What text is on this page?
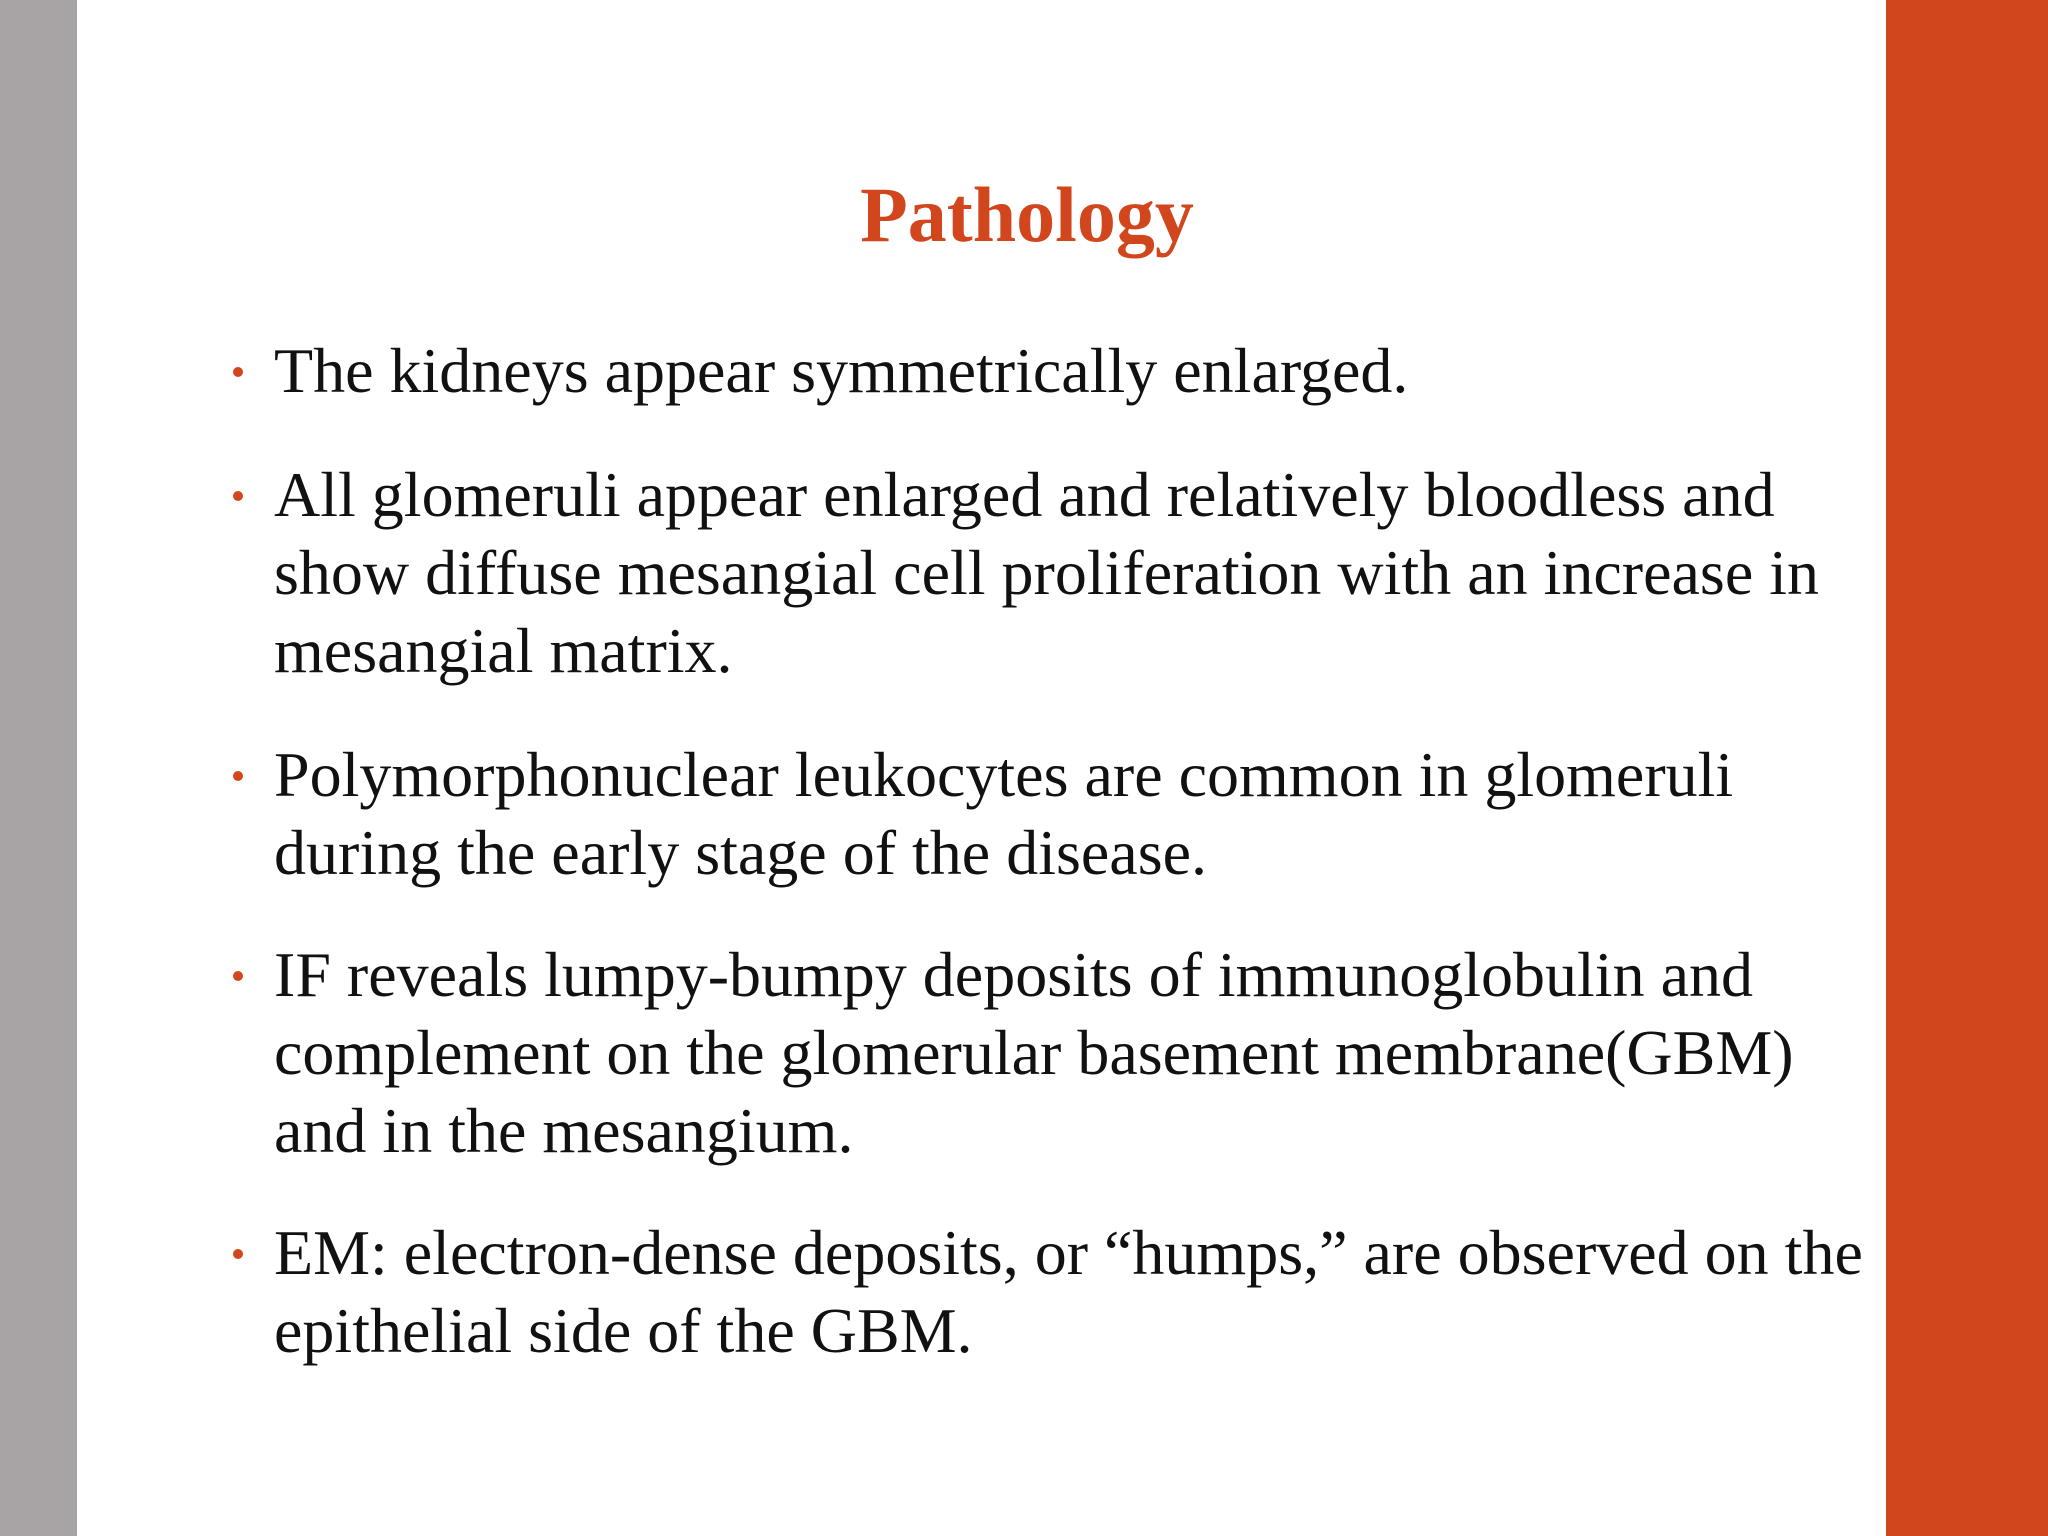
Pathology
The kidneys appear symmetrically enlarged.
All glomeruli appear enlarged and relatively bloodless and show diffuse mesangial cell proliferation with an increase in mesangial matrix.
Polymorphonuclear leukocytes are common in glomeruli during the early stage of the disease.
IF reveals lumpy-bumpy deposits of immunoglobulin and complement on the glomerular basement membrane(GBM) and in the mesangium.
EM: electron-dense deposits, or “humps,” are observed on the epithelial side of the GBM.
